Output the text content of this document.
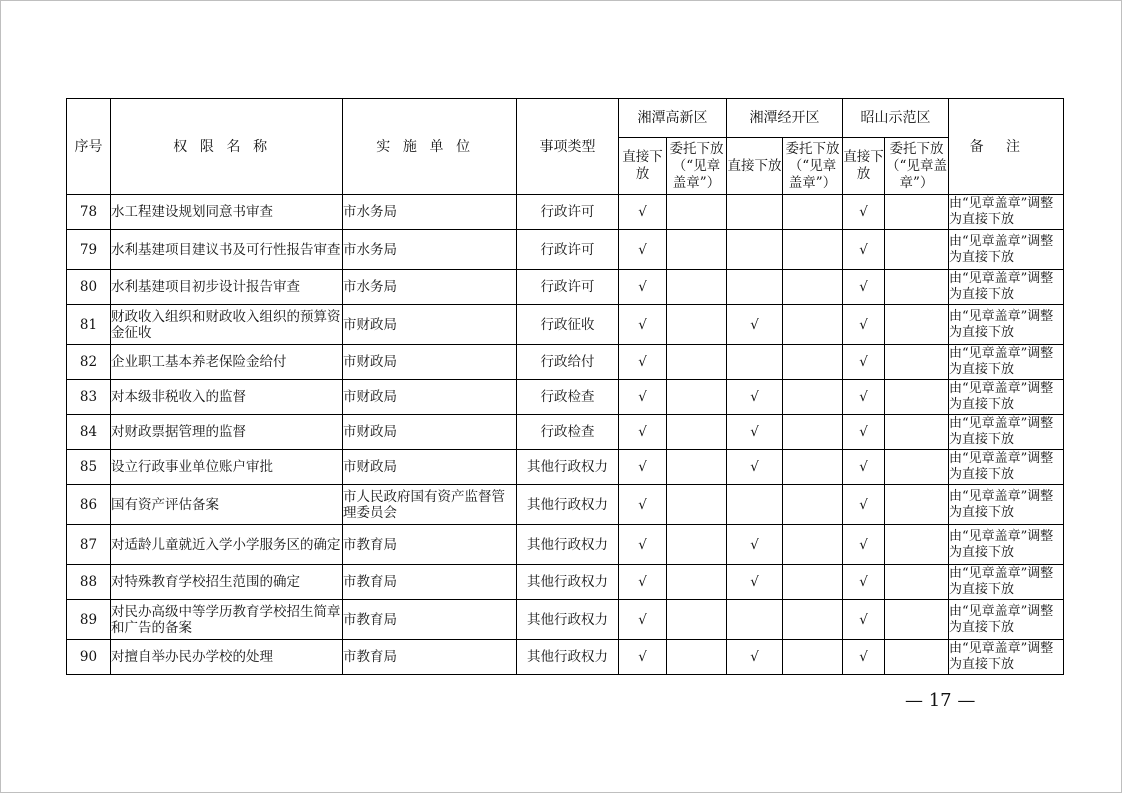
序号	权限名称	实施单位	事项类型	湘潭高新区		湘潭经开区		昭山示范区		备注
				直接下放	委托下放（“见章盖章”）	直接下放	委托下放（“见章盖章”）	直接下放	委托下放（“见章盖章”）	
78	水工程建设规划同意书审查	市水务局	行政许可	√				√		由“见章盖章”调整为直接下放
79	水利基建项目建议书及可行性报告审查	市水务局	行政许可	√				√		由“见章盖章”调整为直接下放
80	水利基建项目初步设计报告审查	市水务局	行政许可	√				√		由“见章盖章”调整为直接下放
81	财政收入组织和财政收入组织的预算资金征收	市财政局	行政征收	√		√		√		由“见章盖章”调整为直接下放
82	企业职工基本养老保险金给付	市财政局	行政给付	√				√		由“见章盖章”调整为直接下放
83	对本级非税收入的监督	市财政局	行政检查	√		√		√		由“见章盖章”调整为直接下放
84	对财政票据管理的监督	市财政局	行政检查	√		√		√		由“见章盖章”调整为直接下放
85	设立行政事业单位账户审批	市财政局	其他行政权力	√		√		√		由“见章盖章”调整为直接下放
86	国有资产评估备案	市人民政府国有资产监督管理委员会	其他行政权力	√				√		由“见章盖章”调整为直接下放
87	对适龄儿童就近入学小学服务区的确定	市教育局	其他行政权力	√		√		√		由“见章盖章”调整为直接下放
88	对特殊教育学校招生范围的确定	市教育局	其他行政权力	√		√		√		由“见章盖章”调整为直接下放
89	对民办高级中等学历教育学校招生简章和广告的备案	市教育局	其他行政权力	√				√		由“见章盖章”调整为直接下放
90	对擅自举办民办学校的处理	市教育局	其他行政权力	√		√		√		由“见章盖章”调整为直接下放
— 17 —
